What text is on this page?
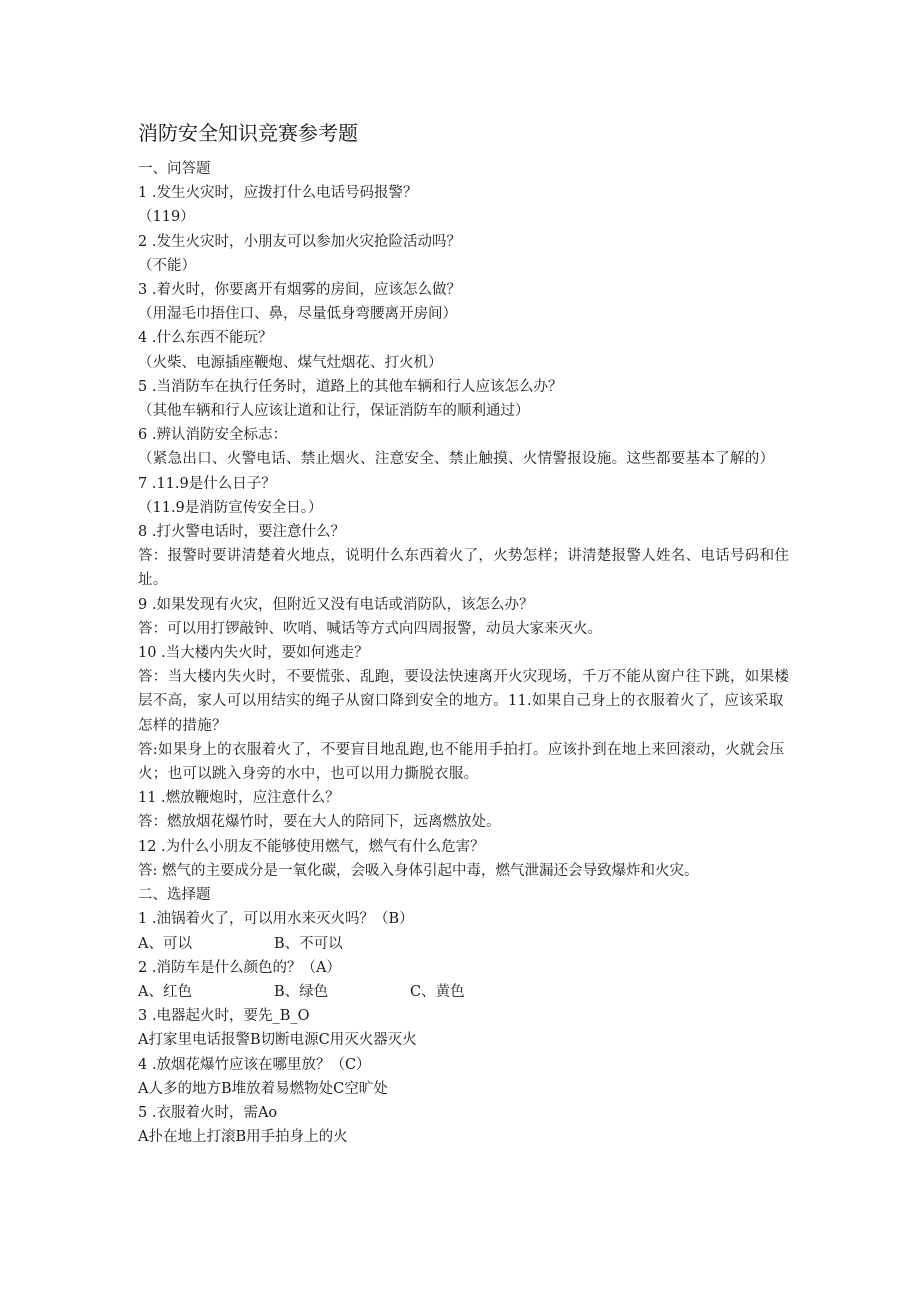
消防安全知识竞赛参考题
一、问答题
1 .发生火灾时，应拨打什么电话号码报警？
（119）
2 .发生火灾时，小朋友可以参加火灾抢险活动吗？
（不能）
3 .着火时，你要离开有烟雾的房间，应该怎么做？
（用湿毛巾捂住口、鼻，尽量低身弯腰离开房间）
4 .什么东西不能玩？
（火柴、电源插座鞭炮、煤气灶烟花、打火机）
5 .当消防车在执行任务时，道路上的其他车辆和行人应该怎么办？
（其他车辆和行人应该让道和让行，保证消防车的顺利通过）
6 .辨认消防安全标志：
（紧急出口、火警电话、禁止烟火、注意安全、禁止触摸、火情警报设施。这些都要基本了解的）
7 .11.9是什么日子？
（11.9是消防宣传安全日。）
8 .打火警电话时，要注意什么？
答：报警时要讲清楚着火地点，说明什么东西着火了，火势怎样；讲清楚报警人姓名、电话号码和住址。
9 .如果发现有火灾，但附近又没有电话或消防队，该怎么办？
答：可以用打锣敲钟、吹哨、喊话等方式向四周报警，动员大家来灭火。
10 .当大楼内失火时，要如何逃走？
答：当大楼内失火时，不要慌张、乱跑，要设法快速离开火灾现场，千万不能从窗户往下跳，如果楼层不高，家人可以用结实的绳子从窗口降到安全的地方。11.如果自己身上的衣服着火了，应该采取怎样的措施？
答:如果身上的衣服着火了，不要盲目地乱跑,也不能用手拍打。应该扑到在地上来回滚动，火就会压火；也可以跳入身旁的水中，也可以用力撕脱衣服。
11 .燃放鞭炮时，应注意什么？
答：燃放烟花爆竹时，要在大人的陪同下，远离燃放处。
12 .为什么小朋友不能够使用燃气，燃气有什么危害？
答: 燃气的主要成分是一氧化碳，会吸入身体引起中毒，燃气泄漏还会导致爆炸和火灾。
二、选择题
1 .油锅着火了，可以用水来灭火吗？（B）
A、可以	B、不可以
2 .消防车是什么颜色的？（A）
A、红色	B、绿色	C、黄色
3 .电器起火时，要先_B_O
A打家里电话报警B切断电源C用灭火器灭火
4 .放烟花爆竹应该在哪里放？（C）
A人多的地方B堆放着易燃物处C空旷处
5 .衣服着火时，需Ao
A扑在地上打滚B用手拍身上的火
